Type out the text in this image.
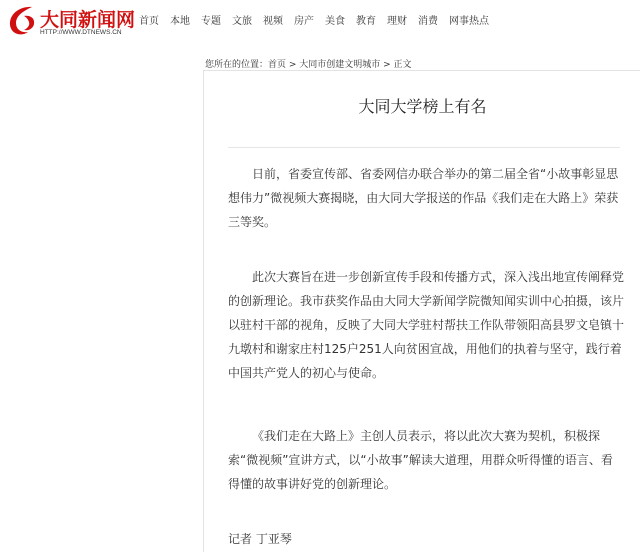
大同新闻网
HTTP://WWW.DTNEWS.CN
首页 本地 专题 文旅 视频 房产 美食 教育 理财 消费 网事热点
您所在的位置：首页 > 大同市创建文明城市 > 正文
大同大学榜上有名

日前，省委宣传部、省委网信办联合举办的第二届全省“小故事彰显思想伟力”微视频大赛揭晓，由大同大学报送的作品《我们走在大路上》荣获三等奖。

此次大赛旨在进一步创新宣传手段和传播方式，深入浅出地宣传阐释党的创新理论。我市获奖作品由大同大学新闻学院微知闻实训中心拍摄，该片以驻村干部的视角，反映了大同大学驻村帮扶工作队带领阳高县罗文皂镇十九墩村和谢家庄村125户251人向贫困宣战，用他们的执着与坚守，践行着中国共产党人的初心与使命。

《我们走在大路上》主创人员表示，将以此次大赛为契机，积极探索“微视频”宣讲方式，以“小故事”解读大道理，用群众听得懂的语言、看得懂的故事讲好党的创新理论。

记者 丁亚琴
